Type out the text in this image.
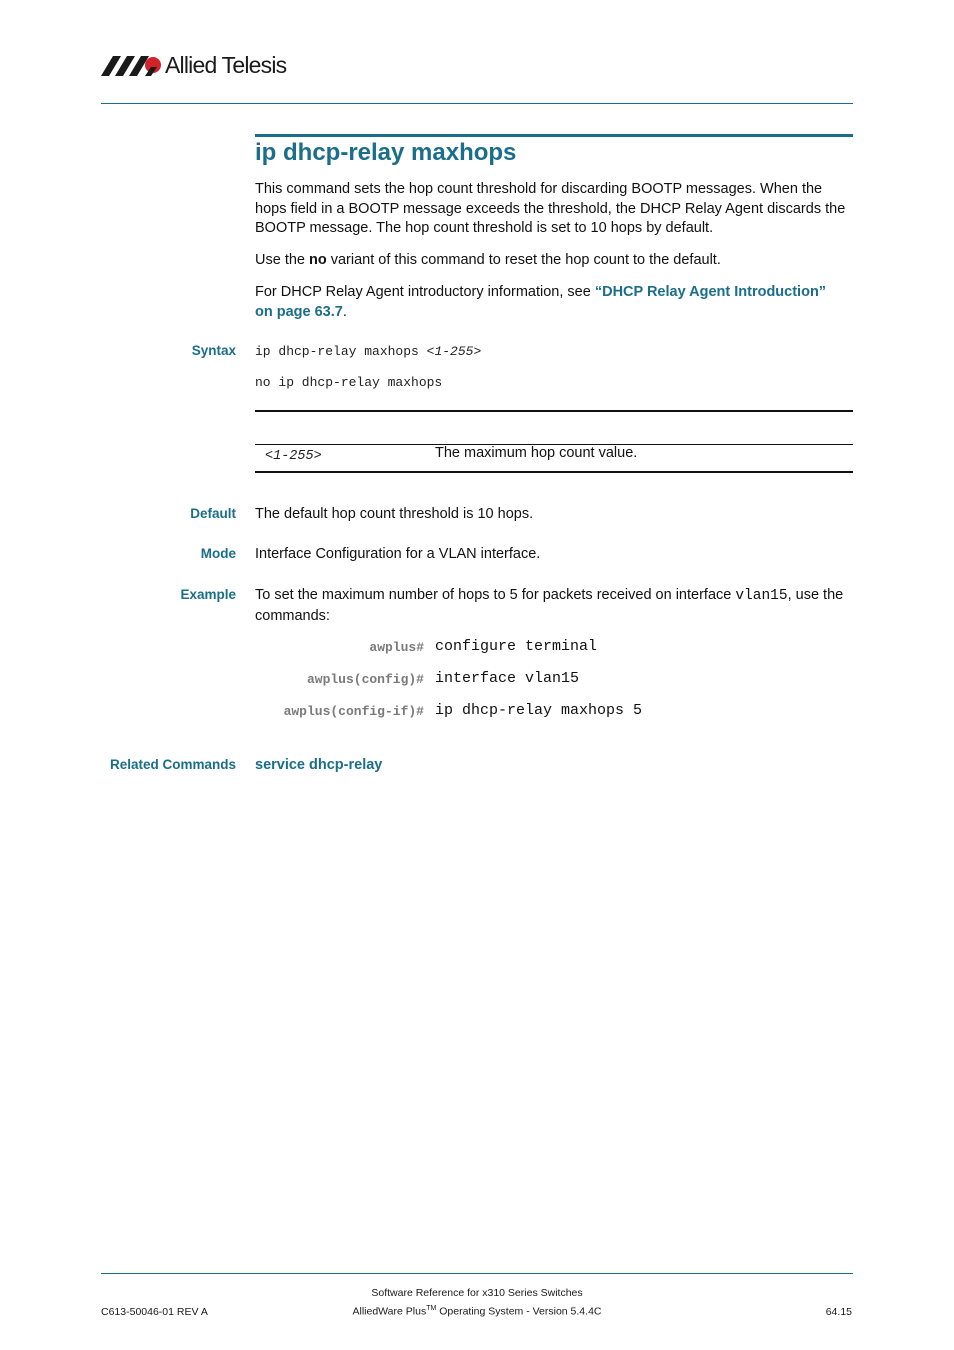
Allied Telesis
ip dhcp-relay maxhops

This command sets the hop count threshold for discarding BOOTP messages. When the hops field in a BOOTP message exceeds the threshold, the DHCP Relay Agent discards the BOOTP message. The hop count threshold is set to 10 hops by default.

Use the no variant of this command to reset the hop count to the default.

For DHCP Relay Agent introductory information, see “DHCP Relay Agent Introduction”
on page 63.7.

Syntax ip dhcp-relay maxhops <1-255>

no ip dhcp-relay maxhops

<1-255>	The maximum hop count value.

Default The default hop count threshold is 10 hops.

Mode Interface Configuration for a VLAN interface.

Example To set the maximum number of hops to 5 for packets received on interface vlan15, use the commands:

awplus# configure terminal
awplus(config)# interface vlan15
awplus(config-if)# ip dhcp-relay maxhops 5

Related Commands service dhcp-relay
Software Reference for x310 Series Switches
AlliedWare Plus™ Operating System - Version 5.4.4C
C613-50046-01 REV A	64.15
